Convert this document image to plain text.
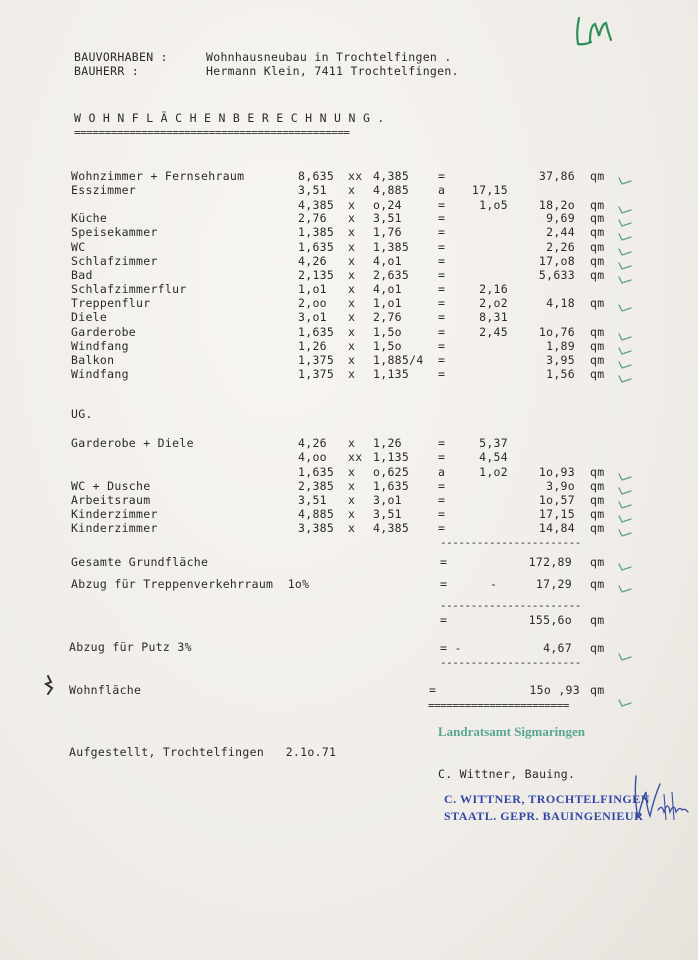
BAUVORHABEN :	Wohnhausneubau in Trochtelfingen .
BAUHERR :	Hermann Klein, 7411 Trochtelfingen.
W O H N F L Ä C H E N B E R E C H N U N G .
=============================================
Wohnzimmer + Fernsehraum	8,635 xx 4,385	=	37,86 qm
Esszimmer	3,51 x 4,885	a	17,15
4,385 x o,24	=	1,o5	18,2o qm
Küche	2,76 x 3,51	=	9,69 qm
Speisekammer	1,385 x 1,76	=	2,44 qm
WC	1,635 x 1,385	=	2,26 qm
Schlafzimmer	4,26 x 4,o1	=	17,o8 qm
Bad	2,135 x 2,635	=	5,633 qm
Schlafzimmerflur	1,o1 x 4,o1	=	2,16
Treppenflur	2,oo x 1,o1	=	2,o2	4,18 qm
Diele	3,o1 x 2,76	=	8,31
Garderobe	1,635 x 1,5o	=	2,45	1o,76 qm
Windfang	1,26 x 1,5o	=	1,89 qm
Balkon	1,375 x 1,885/4 =	3,95 qm
Windfang	1,375 x 1,135	=	1,56 qm
UG.
Garderobe + Diele	4,26 x 1,26	=	5,37
4,oo xx 1,135	=	4,54
1,635 x o,625	a	1,o2	1o,93 qm
WC + Dusche	2,385 x 1,635	=	3,9o qm
Arbeitsraum	3,51 x 3,o1	=	1o,57 qm
Kinderzimmer	4,885 x 3,51	=	17,15 qm
Kinderzimmer	3,385 x 4,385	=	14,84 qm
-----------------------
Gesamte Grundfläche	=	172,89 qm
Abzug für Treppenverkehrraum  1o%	=	-	17,29 qm
-----------------------
=	155,6o qm
Abzug für Putz 3%	= -	4,67 qm
-----------------------
Wohnfläche	=	15o ,93 qm
=======================
Landratsamt Sigmaringen
Aufgestellt, Trochtelfingen   2.1o.71
C. Wittner, Bauing.
C. WITTNER, TROCHTELFINGEN
STAATL. GEPR. BAUINGENIEUR
